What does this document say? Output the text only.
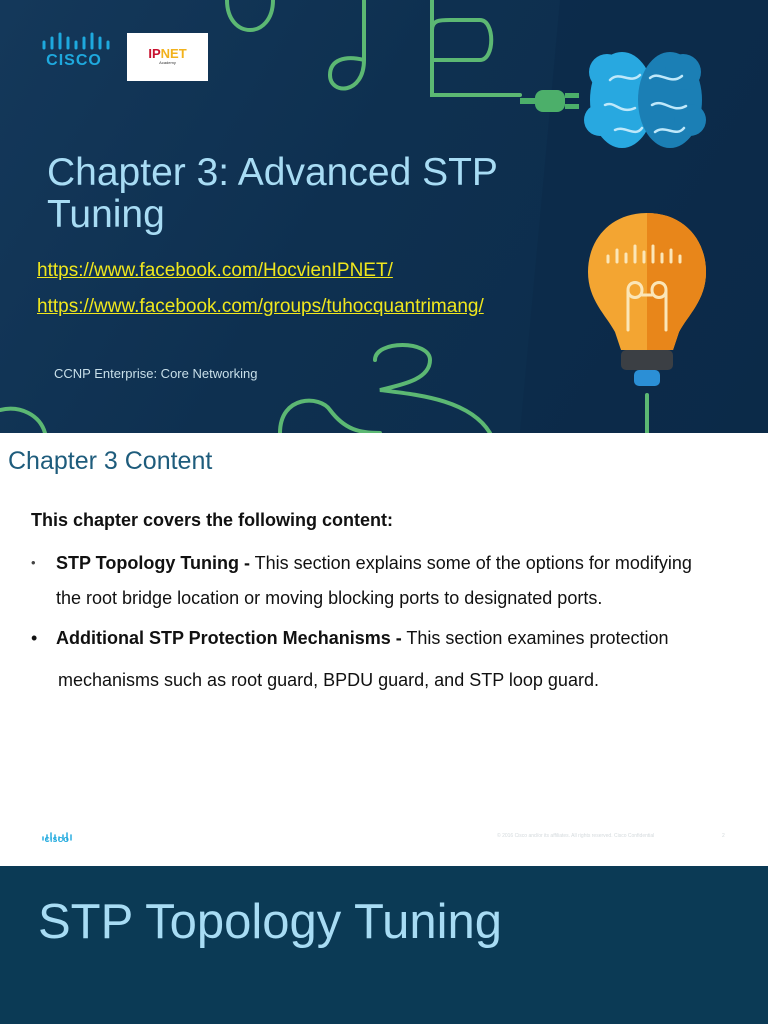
CISCO	IPNET
Academy
Chapter 3: Advanced STP
Tuning
https://www.facebook.com/HocvienIPNET/
https://www.facebook.com/groups/tuhocquantrimang/
CCNP Enterprise: Core Networking
Chapter 3 Content
This chapter covers the following content:
• STP Topology Tuning - This section explains some of the options for modifying
the root bridge location or moving blocking ports to designated ports.
• Additional STP Protection Mechanisms - This section examines protection
mechanisms such as root guard, BPDU guard, and STP loop guard.
CISCO
© 2016 Cisco and/or its affiliates. All rights reserved. Cisco Confidential	2
STP Topology Tuning
